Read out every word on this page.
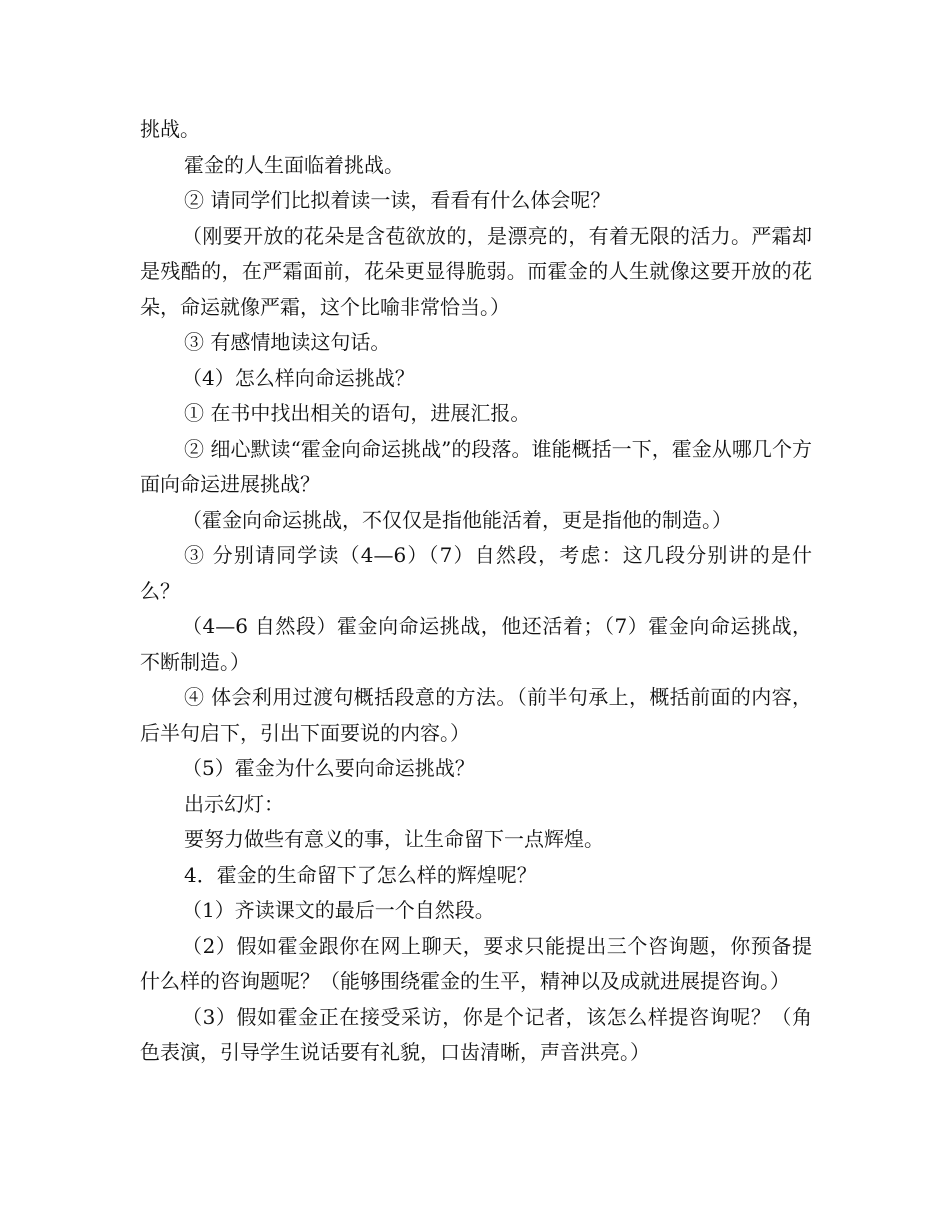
挑战。

霍金的人生面临着挑战。

② 请同学们比拟着读一读，看看有什么体会呢？

（刚要开放的花朵是含苞欲放的，是漂亮的，有着无限的活力。严霜却是残酷的，在严霜面前，花朵更显得脆弱。而霍金的人生就像这要开放的花朵，命运就像严霜，这个比喻非常恰当。）

③ 有感情地读这句话。

（4）怎么样向命运挑战？

① 在书中找出相关的语句，进展汇报。

② 细心默读“霍金向命运挑战”的段落。谁能概括一下，霍金从哪几个方面向命运进展挑战？

（霍金向命运挑战，不仅仅是指他能活着，更是指他的制造。）

③ 分别请同学读（4—6）（7）自然段，考虑：这几段分别讲的是什么？

（4—6 自然段）霍金向命运挑战，他还活着；（7）霍金向命运挑战，不断制造。）

④ 体会利用过渡句概括段意的方法。（前半句承上，概括前面的内容，后半句启下，引出下面要说的内容。）

（5）霍金为什么要向命运挑战？

出示幻灯：

要努力做些有意义的事，让生命留下一点辉煌。

4．霍金的生命留下了怎么样的辉煌呢？

（1）齐读课文的最后一个自然段。

（2）假如霍金跟你在网上聊天，要求只能提出三个咨询题，你预备提什么样的咨询题呢？（能够围绕霍金的生平，精神以及成就进展提咨询。）

（3）假如霍金正在接受采访，你是个记者，该怎么样提咨询呢？（角色表演，引导学生说话要有礼貌，口齿清晰，声音洪亮。）
